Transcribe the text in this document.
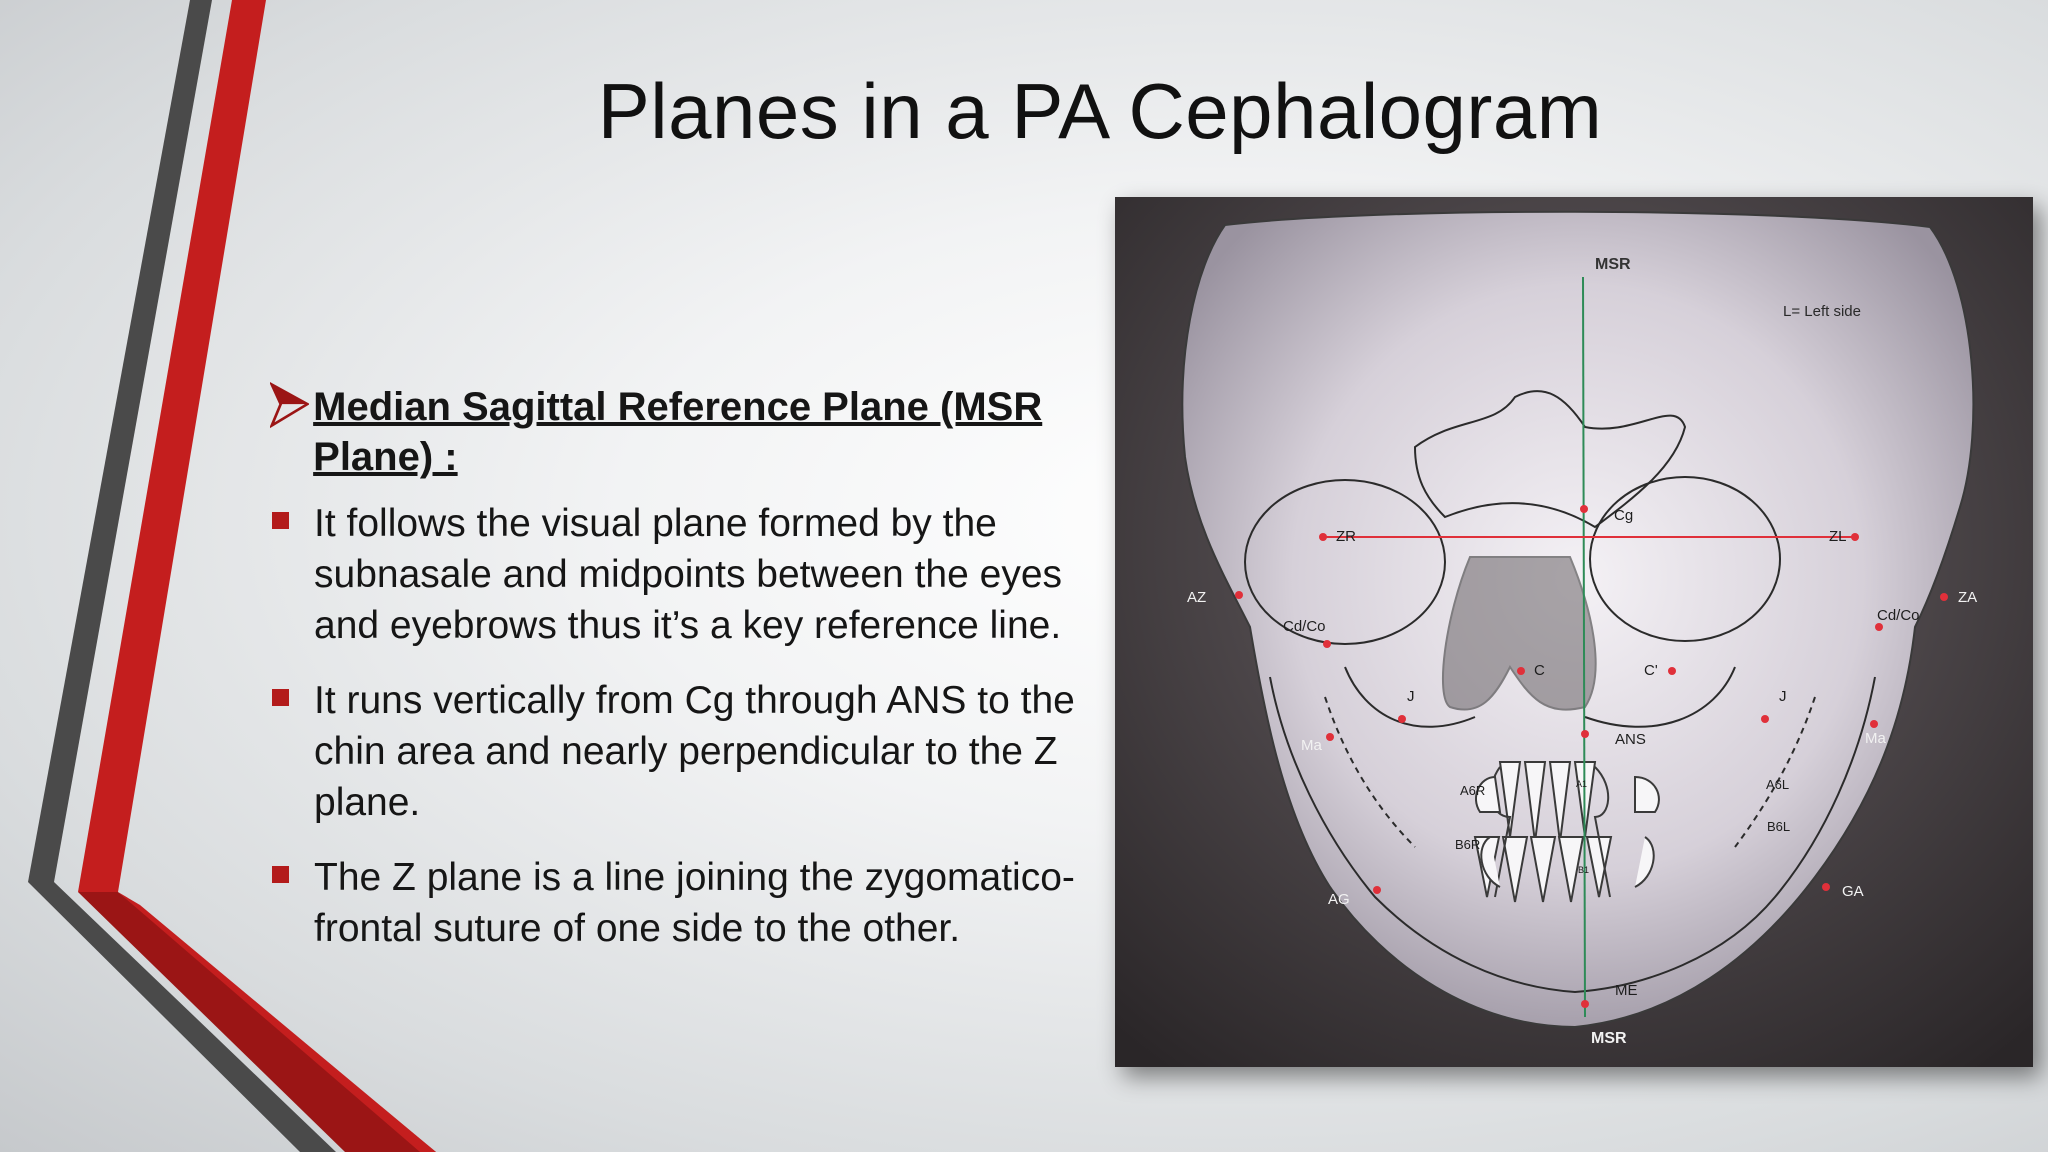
Planes in a PA Cephalogram
Median Sagittal Reference Plane (MSR Plane) :
It follows the visual plane formed by the subnasale and midpoints between the eyes and eyebrows thus it’s a key reference line.
It runs vertically from Cg through ANS to the chin area and nearly perpendicular to the Z plane.
The Z plane is a line joining the zygomatico-frontal suture of one side to the other.
MSR
L= Left side
Cg
ZR	ZL
AZ	ZA
Cd/Co
Cd/Co
C	C'
ANS
J	J
Ma	Ma
A6R	A6L
B6R
B6L
A1
B1
AG	GA
ME
MSR
